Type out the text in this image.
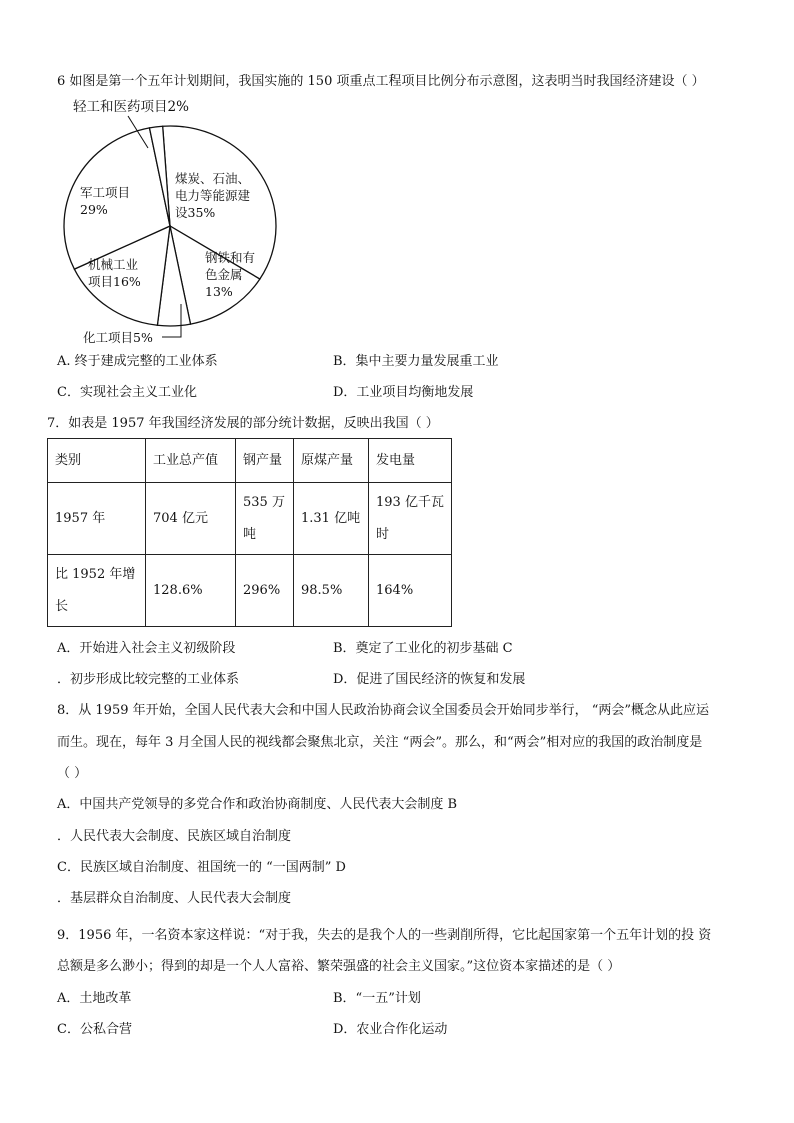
6 如图是第一个五年计划期间，我国实施的 150 项重点工程项目比例分布示意图，这表明当时我国经济建设（ ）
轻工和医药项目2%
军工项目
29%
煤炭、石油、
电力等能源建
设35%
钢铁和有
色金属
13%
机械工业
项目16%
化工项目5%
A. 终于建成完整的工业体系	B．集中主要力量发展重工业
C．实现社会主义工业化	D．工业项目均衡地发展
7．如表是 1957 年我国经济发展的部分统计数据，反映出我国（ ）
类别	工业总产值	钢产量	原煤产量	发电量
1957 年	704 亿元	535 万吨	1.31 亿吨	193 亿千瓦时
比 1952 年增长	128.6%	296%	98.5%	164%
A．开始进入社会主义初级阶段	B．奠定了工业化的初步基础 C
．初步形成比较完整的工业体系	D．促进了国民经济的恢复和发展
8．从 1959 年开始，全国人民代表大会和中国人民政治协商会议全国委员会开始同步举行， “两会”概念从此应运
而生。现在，每年 3 月全国人民的视线都会聚焦北京，关注 “两会”。那么，和“两会”相对应的我国的政治制度是
（ ）
A．中国共产党领导的多党合作和政治协商制度、人民代表大会制度 B
．人民代表大会制度、民族区域自治制度
C．民族区域自治制度、祖国统一的 “一国两制” D
．基层群众自治制度、人民代表大会制度
9．1956 年，一名资本家这样说：“对于我，失去的是我个人的一些剥削所得，它比起国家第一个五年计划的投 资
总额是多么渺小；得到的却是一个人人富裕、繁荣强盛的社会主义国家。”这位资本家描述的是（ ）
A．土地改革	B．“一五”计划
C．公私合营	D．农业合作化运动
